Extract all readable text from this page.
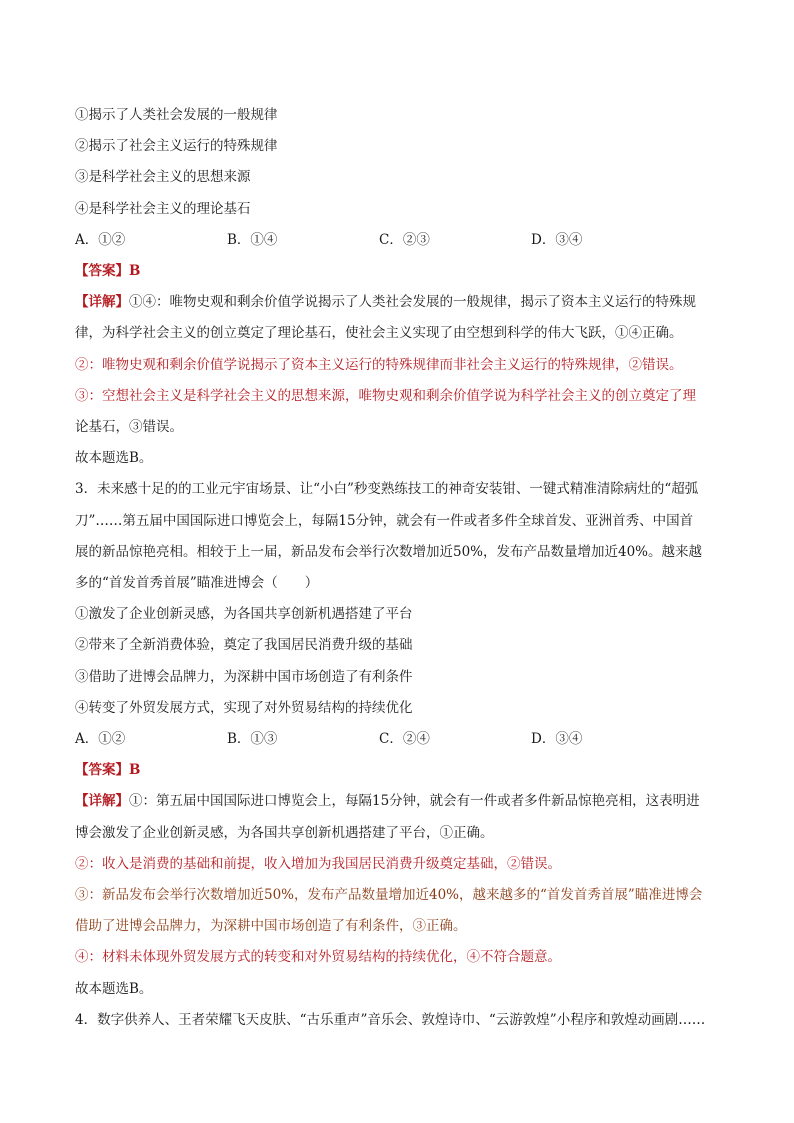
①揭示了人类社会发展的一般规律
②揭示了社会主义运行的特殊规律
③是科学社会主义的思想来源
④是科学社会主义的理论基石
A．①②	B．①④	C．②③	D．③④
【答案】B
【详解】①④：唯物史观和剩余价值学说揭示了人类社会发展的一般规律，揭示了资本主义运行的特殊规
律，为科学社会主义的创立奠定了理论基石，使社会主义实现了由空想到科学的伟大飞跃，①④正确。
②：唯物史观和剩余价值学说揭示了资本主义运行的特殊规律而非社会主义运行的特殊规律，②错误。
③：空想社会主义是科学社会主义的思想来源，唯物史观和剩余价值学说为科学社会主义的创立奠定了理
论基石，③错误。
故本题选B。
3．未来感十足的的工业元宇宙场景、让“小白”秒变熟练技工的神奇安装钳、一键式精准清除病灶的“超弧
刀”……第五届中国国际进口博览会上，每隔15分钟，就会有一件或者多件全球首发、亚洲首秀、中国首
展的新品惊艳亮相。相较于上一届，新品发布会举行次数增加近50%，发布产品数量增加近40%。越来越
多的“首发首秀首展”瞄准进博会（　　）
①激发了企业创新灵感，为各国共享创新机遇搭建了平台
②带来了全新消费体验，奠定了我国居民消费升级的基础
③借助了进博会品牌力，为深耕中国市场创造了有利条件
④转变了外贸发展方式，实现了对外贸易结构的持续优化
A．①②	B．①③	C．②④	D．③④
【答案】B
【详解】①：第五届中国国际进口博览会上，每隔15分钟，就会有一件或者多件新品惊艳亮相，这表明进
博会激发了企业创新灵感，为各国共享创新机遇搭建了平台，①正确。
②：收入是消费的基础和前提，收入增加为我国居民消费升级奠定基础，②错误。
③：新品发布会举行次数增加近50%，发布产品数量增加近40%，越来越多的“首发首秀首展”瞄准进博会
借助了进博会品牌力，为深耕中国市场创造了有利条件，③正确。
④：材料未体现外贸发展方式的转变和对外贸易结构的持续优化，④不符合题意。
故本题选B。
4．数字供养人、王者荣耀飞天皮肤、“古乐重声”音乐会、敦煌诗巾、“云游敦煌”小程序和敦煌动画剧……
